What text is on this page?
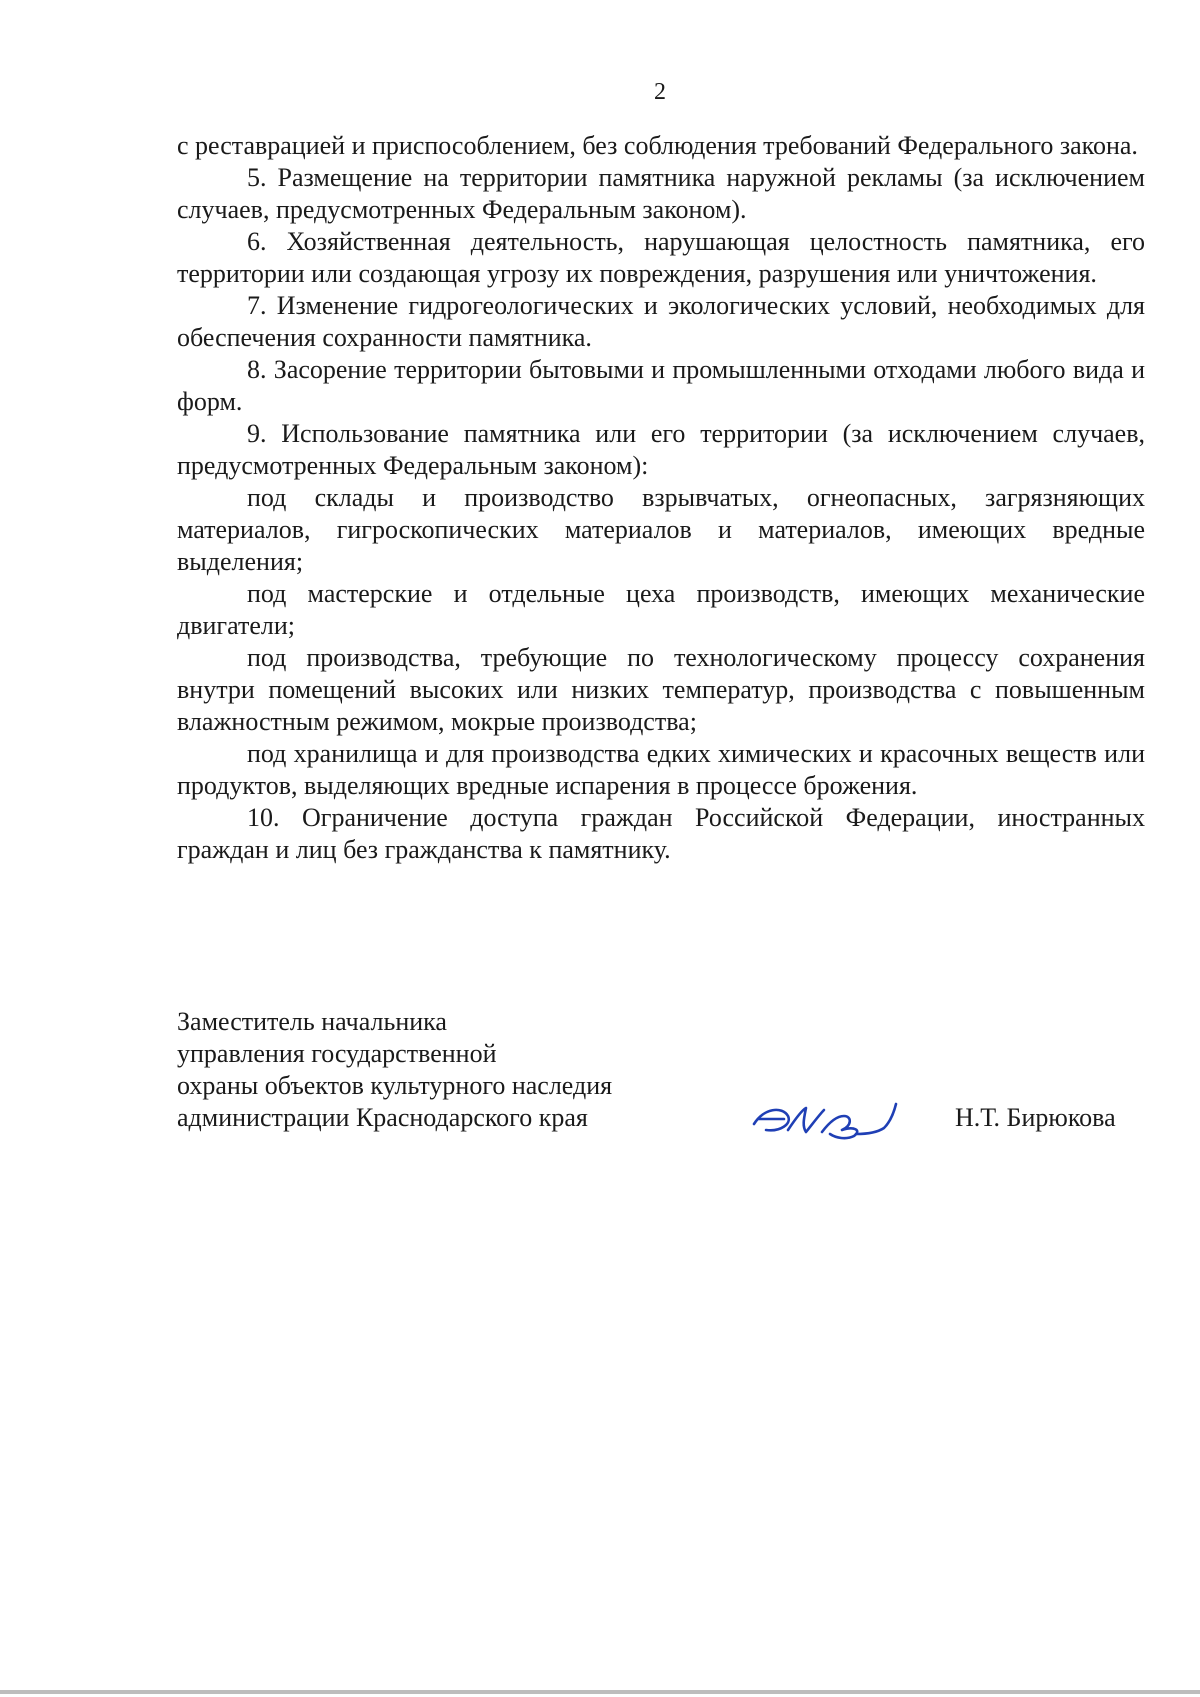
2

с реставрацией и приспособлением, без соблюдения требований Федерального закона.

5. Размещение на территории памятника наружной рекламы (за исключением случаев, предусмотренных Федеральным законом).

6. Хозяйственная деятельность, нарушающая целостность памятника, его территории или создающая угрозу их повреждения, разрушения или уничтожения.

7. Изменение гидрогеологических и экологических условий, необходимых для обеспечения сохранности памятника.

8. Засорение территории бытовыми и промышленными отходами любого вида и форм.

9. Использование памятника или его территории (за исключением случаев, предусмотренных Федеральным законом):

под склады и производство взрывчатых, огнеопасных, загрязняющих материалов, гигроскопических материалов и материалов, имеющих вредные выделения;

под мастерские и отдельные цеха производств, имеющих механические двигатели;

под производства, требующие по технологическому процессу сохранения внутри помещений высоких или низких температур, производства с повышенным влажностным режимом, мокрые производства;

под хранилища и для производства едких химических и красочных веществ или продуктов, выделяющих вредные испарения в процессе брожения.

10. Ограничение доступа граждан Российской Федерации, иностранных граждан и лиц без гражданства к памятнику.

Заместитель начальника
управления государственной
охраны объектов культурного наследия
администрации Краснодарского края	Н.Т. Бирюкова
